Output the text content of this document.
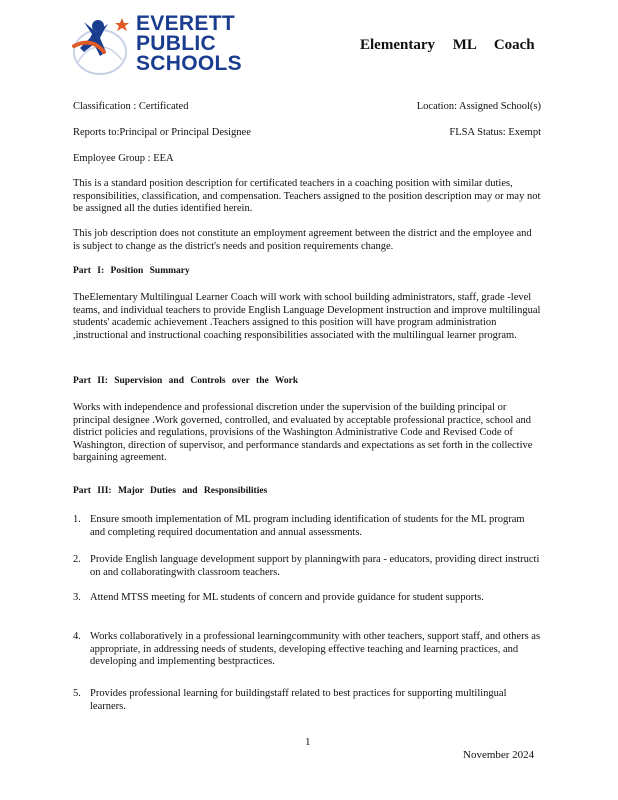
EVERETT
PUBLIC
SCHOOLS
Elementary ML Coach
Classification : Certificated	Location: Assigned School(s)
Reports to:Principal or Principal Designee	FLSA Status: Exempt
Employee Group : EEA
This is a standard position description for certificated teachers in a coaching position with similar duties, responsibilities, classification, and compensation. Teachers assigned to the position description may or may not be assigned all the duties identified herein.
This job description does not constitute an employment agreement between the district and the employee and is subject to change as the district's needs and position requirements change.
Part I: Position Summary
TheElementary Multilingual Learner Coach will work with school building administrators, staff, grade -level teams, and individual teachers to provide English Language Development instruction and improve multilingual students' academic achievement .Teachers assigned to this position will have program administration ,instructional and instructional coaching responsibilities associated with the multilingual learner program.
Part II: Supervision and Controls over the Work
Works with independence and professional discretion under the supervision of the building principal or principal designee .Work governed, controlled, and evaluated by acceptable professional practice, school and district policies and regulations, provisions of the Washington Administrative Code and Revised Code of Washington, direction of supervisor, and performance standards and expectations as set forth in the collective bargaining agreement.
Part III: Major Duties and Responsibilities
1. Ensure smooth implementation of ML program including identification of students for the ML program and completing required documentation and annual assessments.
2. Provide English language development support by planningwith para - educators, providing direct instructi on and collaboratingwith classroom teachers.
3. Attend MTSS meeting for ML students of concern and provide guidance for student supports.
4. Works collaboratively in a professional learningcommunity with other teachers, support staff, and others as appropriate, in addressing needs of students, developing effective teaching and learning practices, and developing and implementing bestpractices.
5. Provides professional learning for buildingstaff related to best practices for supporting multilingual learners.
1
November 2024
